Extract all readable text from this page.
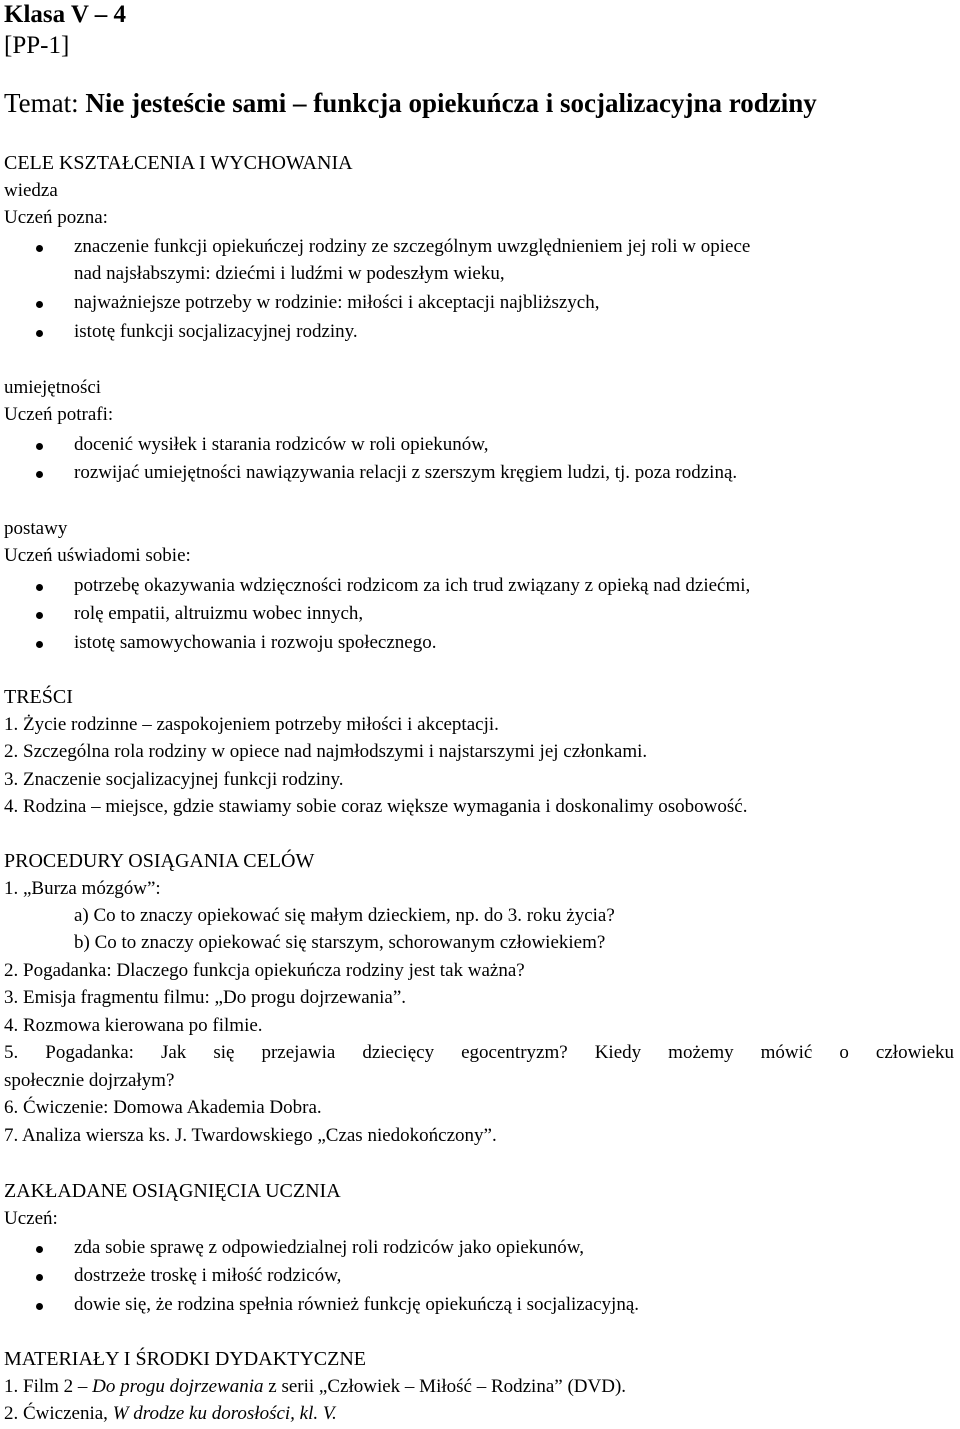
Klasa V – 4
[PP-1]
Temat: Nie jesteście sami – funkcja opiekuńcza i socjalizacyjna rodziny
CELE KSZTAŁCENIA I WYCHOWANIA
wiedza
Uczeń pozna:
znaczenie funkcji opiekuńczej rodziny ze szczególnym uwzględnieniem jej roli w opiece
nad najsłabszymi: dziećmi i ludźmi w podeszłym wieku,
najważniejsze potrzeby w rodzinie: miłości i akceptacji najbliższych,
istotę funkcji socjalizacyjnej rodziny.
umiejętności
Uczeń potrafi:
docenić wysiłek i starania rodziców w roli opiekunów,
rozwijać umiejętności nawiązywania relacji z szerszym kręgiem ludzi, tj. poza rodziną.
postawy
Uczeń uświadomi sobie:
potrzebę okazywania wdzięczności rodzicom za ich trud związany z opieką nad dziećmi,
rolę empatii, altruizmu wobec innych,
istotę samowychowania i rozwoju społecznego.
TREŚCI
1. Życie rodzinne – zaspokojeniem potrzeby miłości i akceptacji.
2. Szczególna rola rodziny w opiece nad najmłodszymi i najstarszymi jej członkami.
3. Znaczenie socjalizacyjnej funkcji rodziny.
4. Rodzina – miejsce, gdzie stawiamy sobie coraz większe wymagania i doskonalimy osobowość.
PROCEDURY OSIĄGANIA CELÓW
1. „Burza mózgów”:
a) Co to znaczy opiekować się małym dzieckiem, np. do 3. roku życia?
b) Co to znaczy opiekować się starszym, schorowanym człowiekiem?
2. Pogadanka: Dlaczego funkcja opiekuńcza rodziny jest tak ważna?
3. Emisja fragmentu filmu: „Do progu dojrzewania”.
4. Rozmowa kierowana po filmie.
5. Pogadanka: Jak się przejawia dziecięcy egocentryzm? Kiedy możemy mówić o człowieku
społecznie dojrzałym?
6. Ćwiczenie: Domowa Akademia Dobra.
7. Analiza wiersza ks. J. Twardowskiego „Czas niedokończony”.
ZAKŁADANE OSIĄGNIĘCIA UCZNIA
Uczeń:
zda sobie sprawę z odpowiedzialnej roli rodziców jako opiekunów,
dostrzeże troskę i miłość rodziców,
dowie się, że rodzina spełnia również funkcję opiekuńczą i socjalizacyjną.
MATERIAŁY I ŚRODKI DYDAKTYCZNE
1. Film 2 – Do progu dojrzewania z serii „Człowiek – Miłość – Rodzina” (DVD).
2. Ćwiczenia, W drodze ku dorosłości, kl. V.
